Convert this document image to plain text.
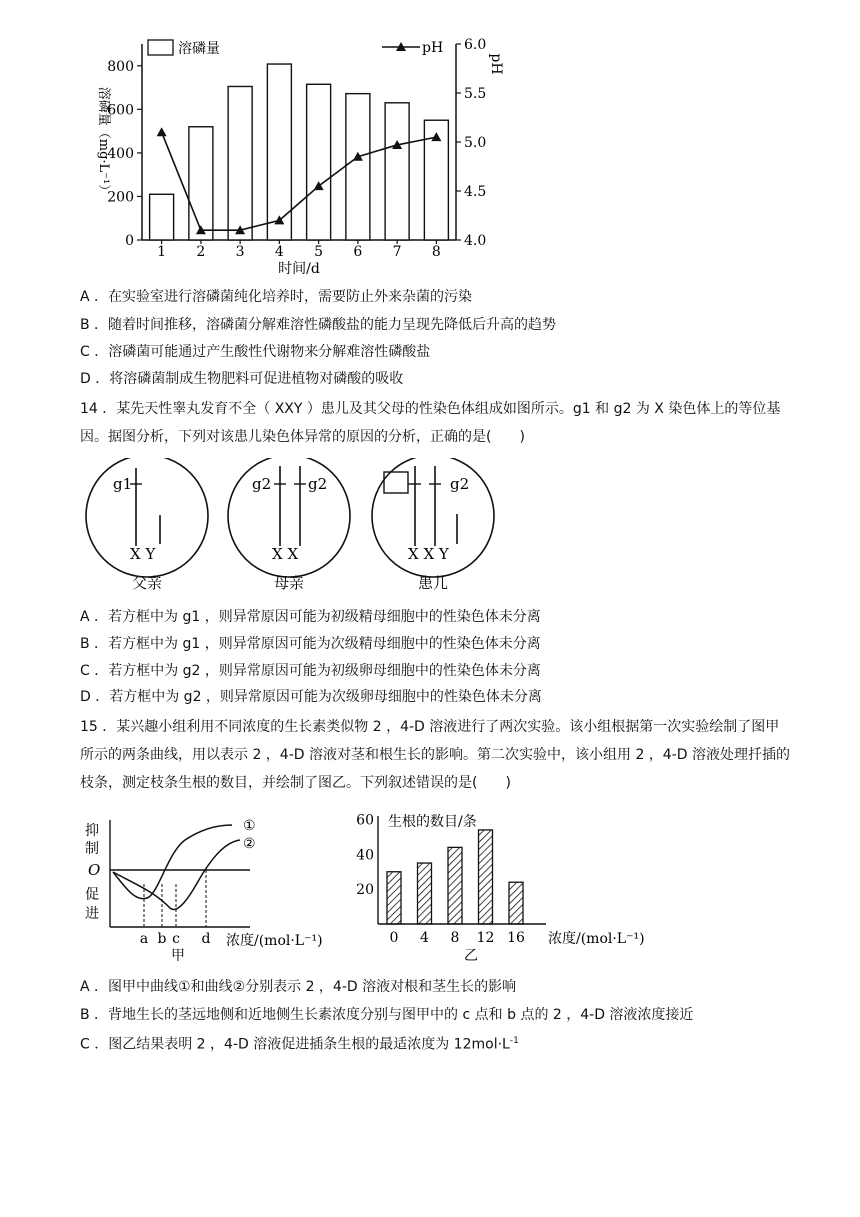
0
200
400
600
800
4.0
4.5
5.0
5.5
6.0
1 2 3 4 5 6 7 8
时间/d
溶磷量（mg·L⁻¹）
pH
溶磷量	pH
A ．在实验室进行溶磷菌纯化培养时，需要防止外来杂菌的污染
B ．随着时间推移，溶磷菌分解难溶性磷酸盐的能力呈现先降低后升高的趋势
C ．溶磷菌可能通过产生酸性代谢物来分解难溶性磷酸盐
D ．将溶磷菌制成生物肥料可促进植物对磷酸的吸收
14 ．某先天性睾丸发育不全（ XXY ）患儿及其父母的性染色体组成如图所示。g1 和 g2 为 X 染色体上的等位基因。据图分析，下列对该患儿染色体异常的原因的分析，正确的是(　　)
g1
X Y
父亲
g2 g2
X X
母亲
g2
X X Y
患儿
A ．若方框中为 g1 ，则异常原因可能为初级精母细胞中的性染色体未分离
B ．若方框中为 g1 ，则异常原因可能为次级精母细胞中的性染色体未分离
C ．若方框中为 g2 ，则异常原因可能为初级卵母细胞中的性染色体未分离
D ．若方框中为 g2 ，则异常原因可能为次级卵母细胞中的性染色体未分离
15 ．某兴趣小组利用不同浓度的生长素类似物 2 ，4-D 溶液进行了两次实验。该小组根据第一次实验绘制了图甲所示的两条曲线，用以表示 2 ，4-D 溶液对茎和根生长的影响。第二次实验中，该小组用 2 ，4-D 溶液处理扦插的枝条，测定枝条生根的数目，并绘制了图乙。下列叙述错误的是(　　)
抑
制
O
促
进
①
②
a b c d 浓度/(mol·L⁻¹)
甲
20
40
60 生根的数目/条
0 4 8 12 16 浓度/(mol·L⁻¹)
乙
A ．图甲中曲线①和曲线②分别表示 2 ，4-D 溶液对根和茎生长的影响
B ．背地生长的茎远地侧和近地侧生长素浓度分别与图甲中的 c 点和 b 点的 2 ，4-D 溶液浓度接近
C ．图乙结果表明 2 ，4-D 溶液促进插条生根的最适浓度为 $12mol\cdot L^{-1}$
